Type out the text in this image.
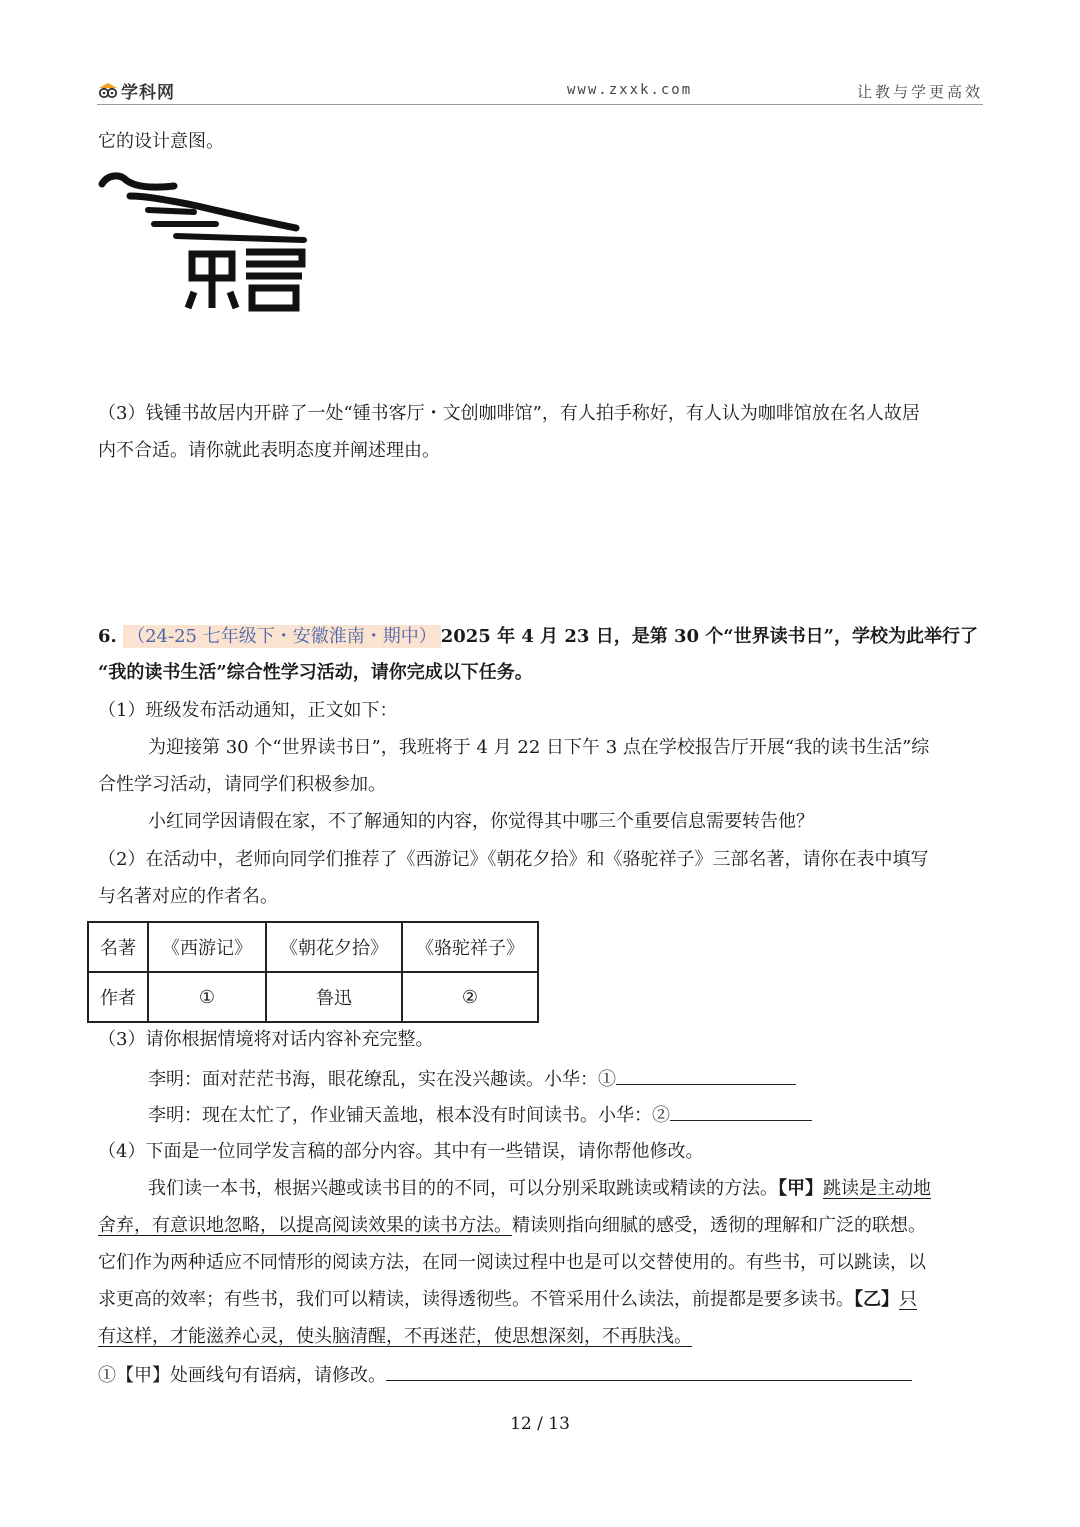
学科网	www.zxxk.com	让教与学更高效
它的设计意图。
（3）钱锺书故居内开辟了一处“锺书客厅・文创咖啡馆”，有人拍手称好，有人认为咖啡馆放在名人故居
内不合适。请你就此表明态度并阐述理由。
6. （24-25 七年级下・安徽淮南・期中） 2025 年 4 月 23 日，是第 30 个“世界读书日”，学校为此举行了
“我的读书生活”综合性学习活动，请你完成以下任务。
（1）班级发布活动通知，正文如下：
为迎接第 30 个“世界读书日”，我班将于 4 月 22 日下午 3 点在学校报告厅开展“我的读书生活”综
合性学习活动，请同学们积极参加。
小红同学因请假在家，不了解通知的内容，你觉得其中哪三个重要信息需要转告他？
（2）在活动中，老师向同学们推荐了《西游记》《朝花夕拾》和《骆驼祥子》三部名著，请你在表中填写
与名著对应的作者名。
名著	《西游记》	《朝花夕拾》	《骆驼祥子》
作者	①	鲁迅	②
（3）请你根据情境将对话内容补充完整。
李明：面对茫茫书海，眼花缭乱，实在没兴趣读。小华：①
李明：现在太忙了，作业铺天盖地，根本没有时间读书。小华：②
（4）下面是一位同学发言稿的部分内容。其中有一些错误，请你帮他修改。
我们读一本书，根据兴趣或读书目的的不同，可以分别采取跳读或精读的方法。【甲】跳读是主动地
舍弃，有意识地忽略，以提高阅读效果的读书方法。精读则指向细腻的感受，透彻的理解和广泛的联想。
它们作为两种适应不同情形的阅读方法，在同一阅读过程中也是可以交替使用的。有些书，可以跳读，以
求更高的效率；有些书，我们可以精读，读得透彻些。不管采用什么读法，前提都是要多读书。【乙】只
有这样，才能滋养心灵，使头脑清醒，不再迷茫，使思想深刻，不再肤浅。
①【甲】处画线句有语病，请修改。
12 / 13
